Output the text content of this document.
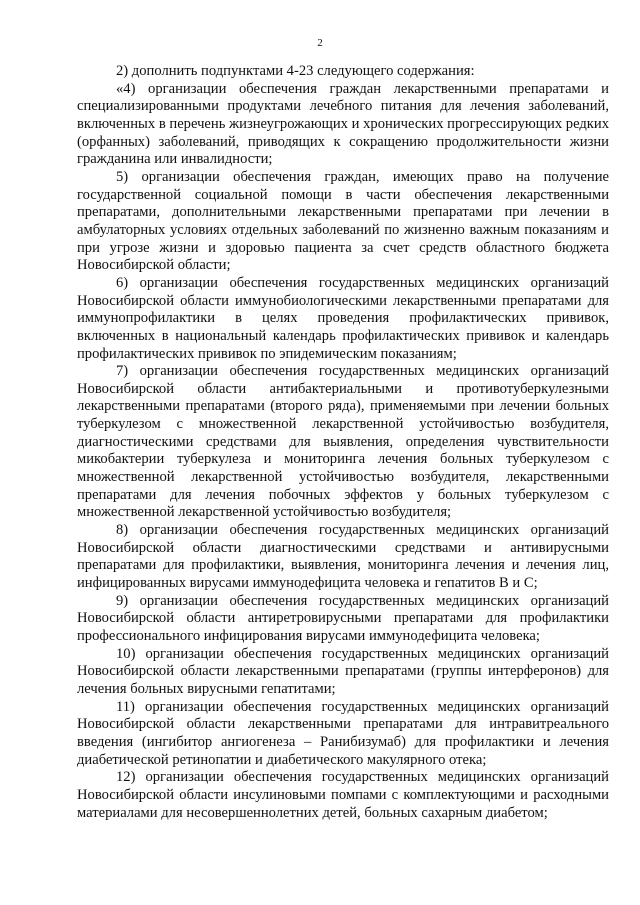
2

2) дополнить подпунктами 4-23 следующего содержания:

«4) организации обеспечения граждан лекарственными препаратами и специализированными продуктами лечебного питания для лечения заболеваний, включенных в перечень жизнеугрожающих и хронических прогрессирующих редких (орфанных) заболеваний, приводящих к сокращению продолжительности жизни гражданина или инвалидности;

5) организации обеспечения граждан, имеющих право на получение государственной социальной помощи в части обеспечения лекарственными препаратами, дополнительными лекарственными препаратами при лечении в амбулаторных условиях отдельных заболеваний по жизненно важным показаниям и при угрозе жизни и здоровью пациента за счет средств областного бюджета Новосибирской области;

6) организации обеспечения государственных медицинских организаций Новосибирской области иммунобиологическими лекарственными препаратами для иммунопрофилактики в целях проведения профилактических прививок, включенных в национальный календарь профилактических прививок и календарь профилактических прививок по эпидемическим показаниям;

7) организации обеспечения государственных медицинских организаций Новосибирской области антибактериальными и противотуберкулезными лекарственными препаратами (второго ряда), применяемыми при лечении больных туберкулезом с множественной лекарственной устойчивостью возбудителя, диагностическими средствами для выявления, определения чувствительности микобактерии туберкулеза и мониторинга лечения больных туберкулезом с множественной лекарственной устойчивостью возбудителя, лекарственными препаратами для лечения побочных эффектов у больных туберкулезом с множественной лекарственной устойчивостью возбудителя;

8) организации обеспечения государственных медицинских организаций Новосибирской области диагностическими средствами и антивирусными препаратами для профилактики, выявления, мониторинга лечения и лечения лиц, инфицированных вирусами иммунодефицита человека и гепатитов B и C;

9) организации обеспечения государственных медицинских организаций Новосибирской области антиретровирусными препаратами для профилактики профессионального инфицирования вирусами иммунодефицита человека;

10) организации обеспечения государственных медицинских организаций Новосибирской области лекарственными препаратами (группы интерферонов) для лечения больных вирусными гепатитами;

11) организации обеспечения государственных медицинских организаций Новосибирской области лекарственными препаратами для интравитреального введения (ингибитор ангиогенеза – Ранибизумаб) для профилактики и лечения диабетической ретинопатии и диабетического макулярного отека;

12) организации обеспечения государственных медицинских организаций Новосибирской области инсулиновыми помпами с комплектующими и расходными материалами для несовершеннолетних детей, больных сахарным диабетом;
